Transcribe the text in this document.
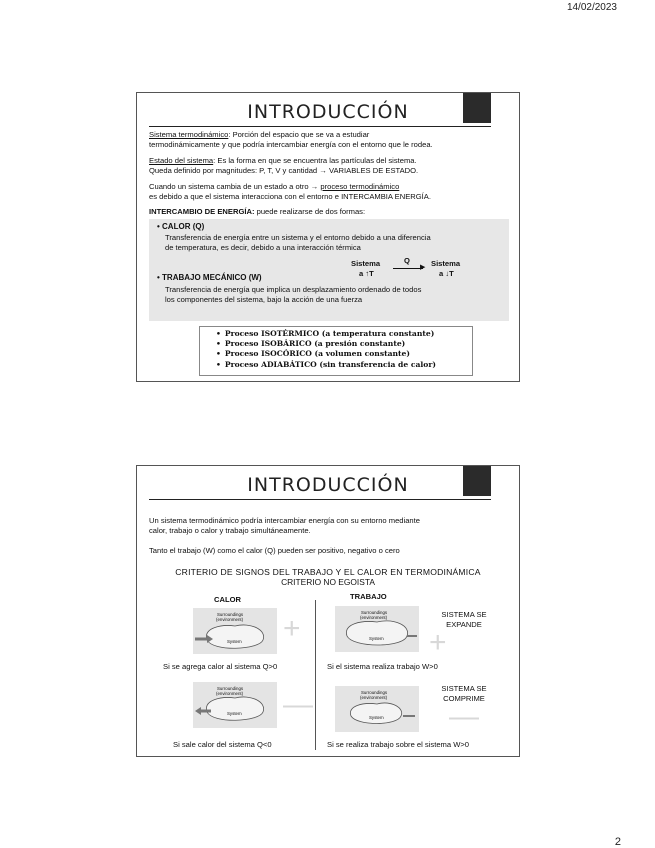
14/02/2023
INTRODUCCIÓN
Sistema termodinámico: Porción del espacio que se va a estudiar
termodinámicamente y que podría intercambiar energía con el entorno que le rodea.
Estado del sistema: Es la forma en que se encuentra las partículas del sistema.
Queda definido por magnitudes: P, T, V y cantidad → VARIABLES DE ESTADO.
Cuando un sistema cambia de un estado a otro → proceso termodinámico
es debido a que el sistema interacciona con el entorno e INTERCAMBIA ENERGÍA.
INTERCAMBIO DE ENERGÍA: puede realizarse de dos formas:
• CALOR (Q)
Transferencia de energía entre un sistema y el entorno debido a una diferencia
de temperatura, es decir, debido a una interacción térmica
Sistema
a ↑T
Q
▶ Sistema
a ↓T
• TRABAJO MECÁNICO (W)
Transferencia de energía que implica un desplazamiento ordenado de todos
los componentes del sistema, bajo la acción de una fuerza
• Proceso ISOTÉRMICO (a temperatura constante)
• Proceso ISOBÁRICO (a presión constante)
• Proceso ISOCÓRICO (a volumen constante)
• Proceso ADIABÁTICO (sin transferencia de calor)
INTRODUCCIÓN
Un sistema termodinámico podría intercambiar energía con su entorno mediante
calor, trabajo o calor y trabajo simultáneamente.
Tanto el trabajo (W) como el calor (Q) pueden ser positivo, negativo o cero
CRITERIO DE SIGNOS DEL TRABAJO Y EL CALOR EN TERMODINÁMICA
CRITERIO NO EGOISTA
CALOR	TRABAJO
Surroundings
(environment)
System +	Surroundings
(environment)
System
SISTEMA SE
EXPANDE
+
Si se agrega calor al sistema Q>0	Si el sistema realiza trabajo W>0
Surroundings
(environment)
System —	Surroundings
(environment)
System
SISTEMA SE
COMPRIME
—
Si sale calor del sistema Q<0	Si se realiza trabajo sobre el sistema W>0
2
